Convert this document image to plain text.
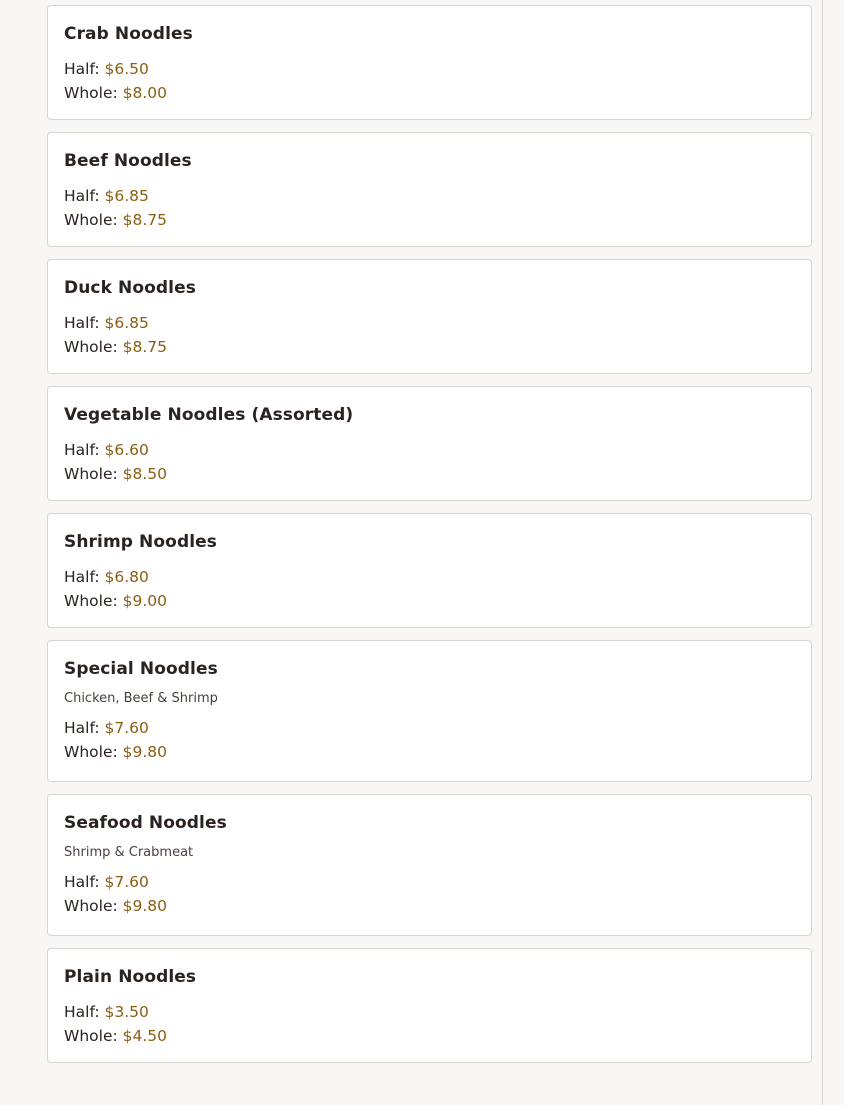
Crab Noodles
Half: $6.50
Whole: $8.00
Beef Noodles
Half: $6.85
Whole: $8.75
Duck Noodles
Half: $6.85
Whole: $8.75
Vegetable Noodles (Assorted)
Half: $6.60
Whole: $8.50
Shrimp Noodles
Half: $6.80
Whole: $9.00
Special Noodles
Chicken, Beef & Shrimp
Half: $7.60
Whole: $9.80
Seafood Noodles
Shrimp & Crabmeat
Half: $7.60
Whole: $9.80
Plain Noodles
Half: $3.50
Whole: $4.50
